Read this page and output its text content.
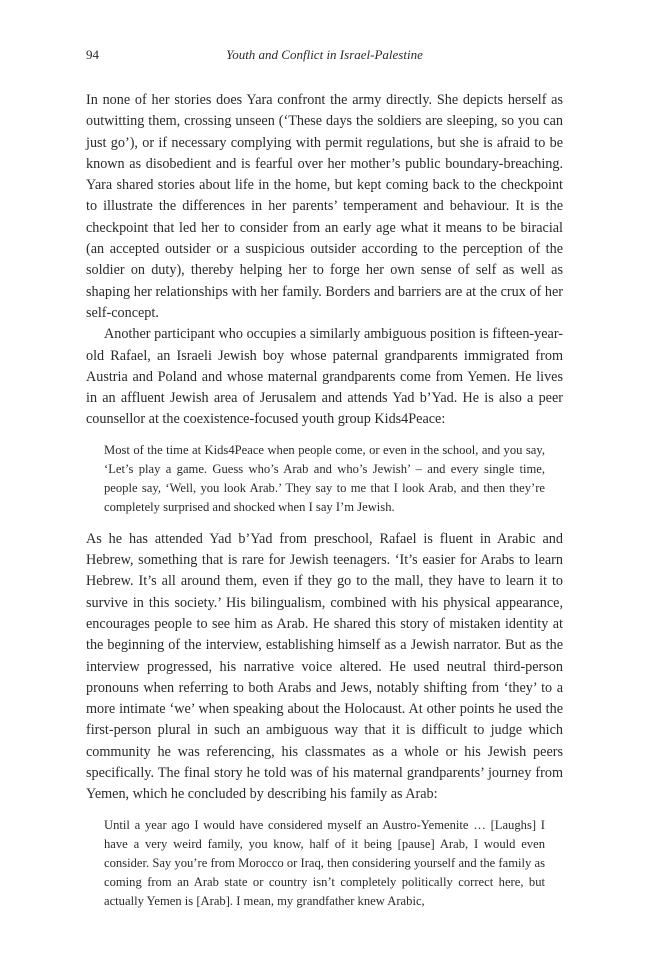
94	Youth and Conflict in Israel-Palestine

In none of her stories does Yara confront the army directly. She depicts herself as outwitting them, crossing unseen (‘These days the soldiers are sleeping, so you can just go’), or if necessary complying with permit regulations, but she is afraid to be known as disobedient and is fearful over her mother’s public boundary-breaching. Yara shared stories about life in the home, but kept coming back to the checkpoint to illustrate the differences in her parents’ temperament and behaviour. It is the checkpoint that led her to consider from an early age what it means to be biracial (an accepted outsider or a suspicious outsider according to the perception of the soldier on duty), thereby helping her to forge her own sense of self as well as shaping her relationships with her family. Borders and barriers are at the crux of her self-concept.

Another participant who occupies a similarly ambiguous position is fifteen-year-old Rafael, an Israeli Jewish boy whose paternal grandparents immigrated from Austria and Poland and whose maternal grandparents come from Yemen. He lives in an affluent Jewish area of Jerusalem and attends Yad b’Yad. He is also a peer counsellor at the coexistence-focused youth group Kids4Peace:

Most of the time at Kids4Peace when people come, or even in the school, and you say, ‘Let’s play a game. Guess who’s Arab and who’s Jewish’ – and every single time, people say, ‘Well, you look Arab.’ They say to me that I look Arab, and then they’re completely surprised and shocked when I say I’m Jewish.

As he has attended Yad b’Yad from preschool, Rafael is fluent in Arabic and Hebrew, something that is rare for Jewish teenagers. ‘It’s easier for Arabs to learn Hebrew. It’s all around them, even if they go to the mall, they have to learn it to survive in this society.’ His bilingualism, combined with his physical appearance, encourages people to see him as Arab. He shared this story of mistaken identity at the beginning of the interview, establishing himself as a Jewish narrator. But as the interview progressed, his narrative voice altered. He used neutral third-person pronouns when referring to both Arabs and Jews, notably shifting from ‘they’ to a more intimate ‘we’ when speaking about the Holocaust. At other points he used the first-person plural in such an ambiguous way that it is difficult to judge which community he was referencing, his classmates as a whole or his Jewish peers specifically. The final story he told was of his maternal grandparents’ journey from Yemen, which he concluded by describing his family as Arab:

Until a year ago I would have considered myself an Austro-Yemenite … [Laughs] I have a very weird family, you know, half of it being [pause] Arab, I would even consider. Say you’re from Morocco or Iraq, then considering yourself and the family as coming from an Arab state or country isn’t completely politically correct here, but actually Yemen is [Arab]. I mean, my grandfather knew Arabic,
